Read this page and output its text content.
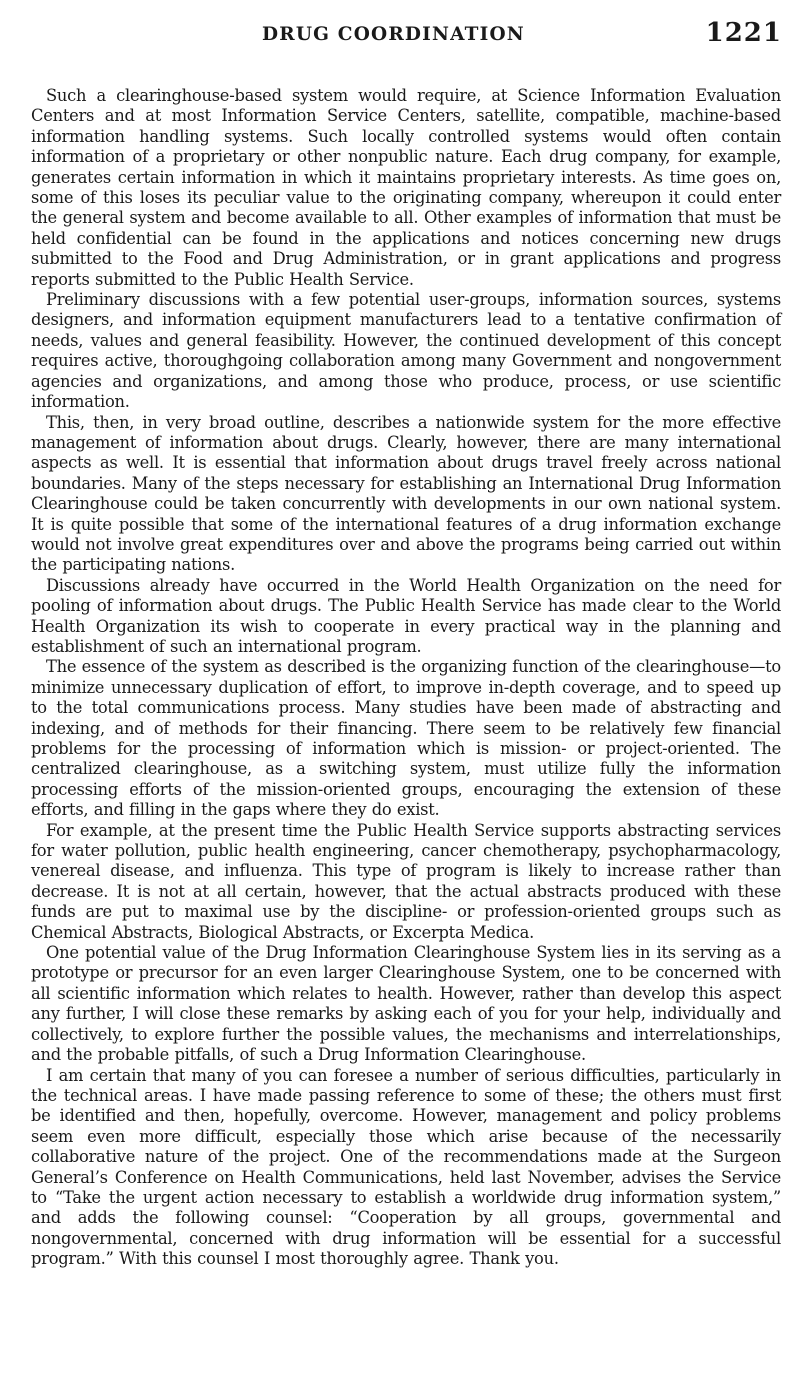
DRUG COORDINATION	1221

Such a clearinghouse-based system would require, at Science Information Evaluation Centers and at most Information Service Centers, satellite, compatible, machine-based information handling systems. Such locally controlled systems would often contain information of a proprietary or other nonpublic nature. Each drug company, for example, generates certain information in which it maintains proprietary interests. As time goes on, some of this loses its peculiar value to the originating company, whereupon it could enter the general system and become available to all. Other examples of information that must be held confidential can be found in the applications and notices concerning new drugs submitted to the Food and Drug Administration, or in grant applications and progress reports submitted to the Public Health Service.

Preliminary discussions with a few potential user-groups, information sources, systems designers, and information equipment manufacturers lead to a tentative confirmation of needs, values and general feasibility. However, the continued development of this concept requires active, thoroughgoing collaboration among many Government and nongovernment agencies and organizations, and among those who produce, process, or use scientific information.

This, then, in very broad outline, describes a nationwide system for the more effective management of information about drugs. Clearly, however, there are many international aspects as well. It is essential that information about drugs travel freely across national boundaries. Many of the steps necessary for establishing an International Drug Information Clearinghouse could be taken concurrently with developments in our own national system. It is quite possible that some of the international features of a drug information exchange would not involve great expenditures over and above the programs being carried out within the participating nations.

Discussions already have occurred in the World Health Organization on the need for pooling of information about drugs. The Public Health Service has made clear to the World Health Organization its wish to cooperate in every practical way in the planning and establishment of such an international program.

The essence of the system as described is the organizing function of the clearinghouse—to minimize unnecessary duplication of effort, to improve in-depth coverage, and to speed up to the total communications process. Many studies have been made of abstracting and indexing, and of methods for their financing. There seem to be relatively few financial problems for the processing of information which is mission- or project-oriented. The centralized clearinghouse, as a switching system, must utilize fully the information processing efforts of the mission-oriented groups, encouraging the extension of these efforts, and filling in the gaps where they do exist.

For example, at the present time the Public Health Service supports abstracting services for water pollution, public health engineering, cancer chemotherapy, psychopharmacology, venereal disease, and influenza. This type of program is likely to increase rather than decrease. It is not at all certain, however, that the actual abstracts produced with these funds are put to maximal use by the discipline- or profession-oriented groups such as Chemical Abstracts, Biological Abstracts, or Excerpta Medica.

One potential value of the Drug Information Clearinghouse System lies in its serving as a prototype or precursor for an even larger Clearinghouse System, one to be concerned with all scientific information which relates to health. However, rather than develop this aspect any further, I will close these remarks by asking each of you for your help, individually and collectively, to explore further the possible values, the mechanisms and interrelationships, and the probable pitfalls, of such a Drug Information Clearinghouse.

I am certain that many of you can foresee a number of serious difficulties, particularly in the technical areas. I have made passing reference to some of these; the others must first be identified and then, hopefully, overcome. However, management and policy problems seem even more difficult, especially those which arise because of the necessarily collaborative nature of the project. One of the recommendations made at the Surgeon General’s Conference on Health Communications, held last November, advises the Service to “Take the urgent action necessary to establish a worldwide drug information system,” and adds the following counsel: “Cooperation by all groups, governmental and nongovernmental, concerned with drug information will be essential for a successful program.” With this counsel I most thoroughly agree. Thank you.
